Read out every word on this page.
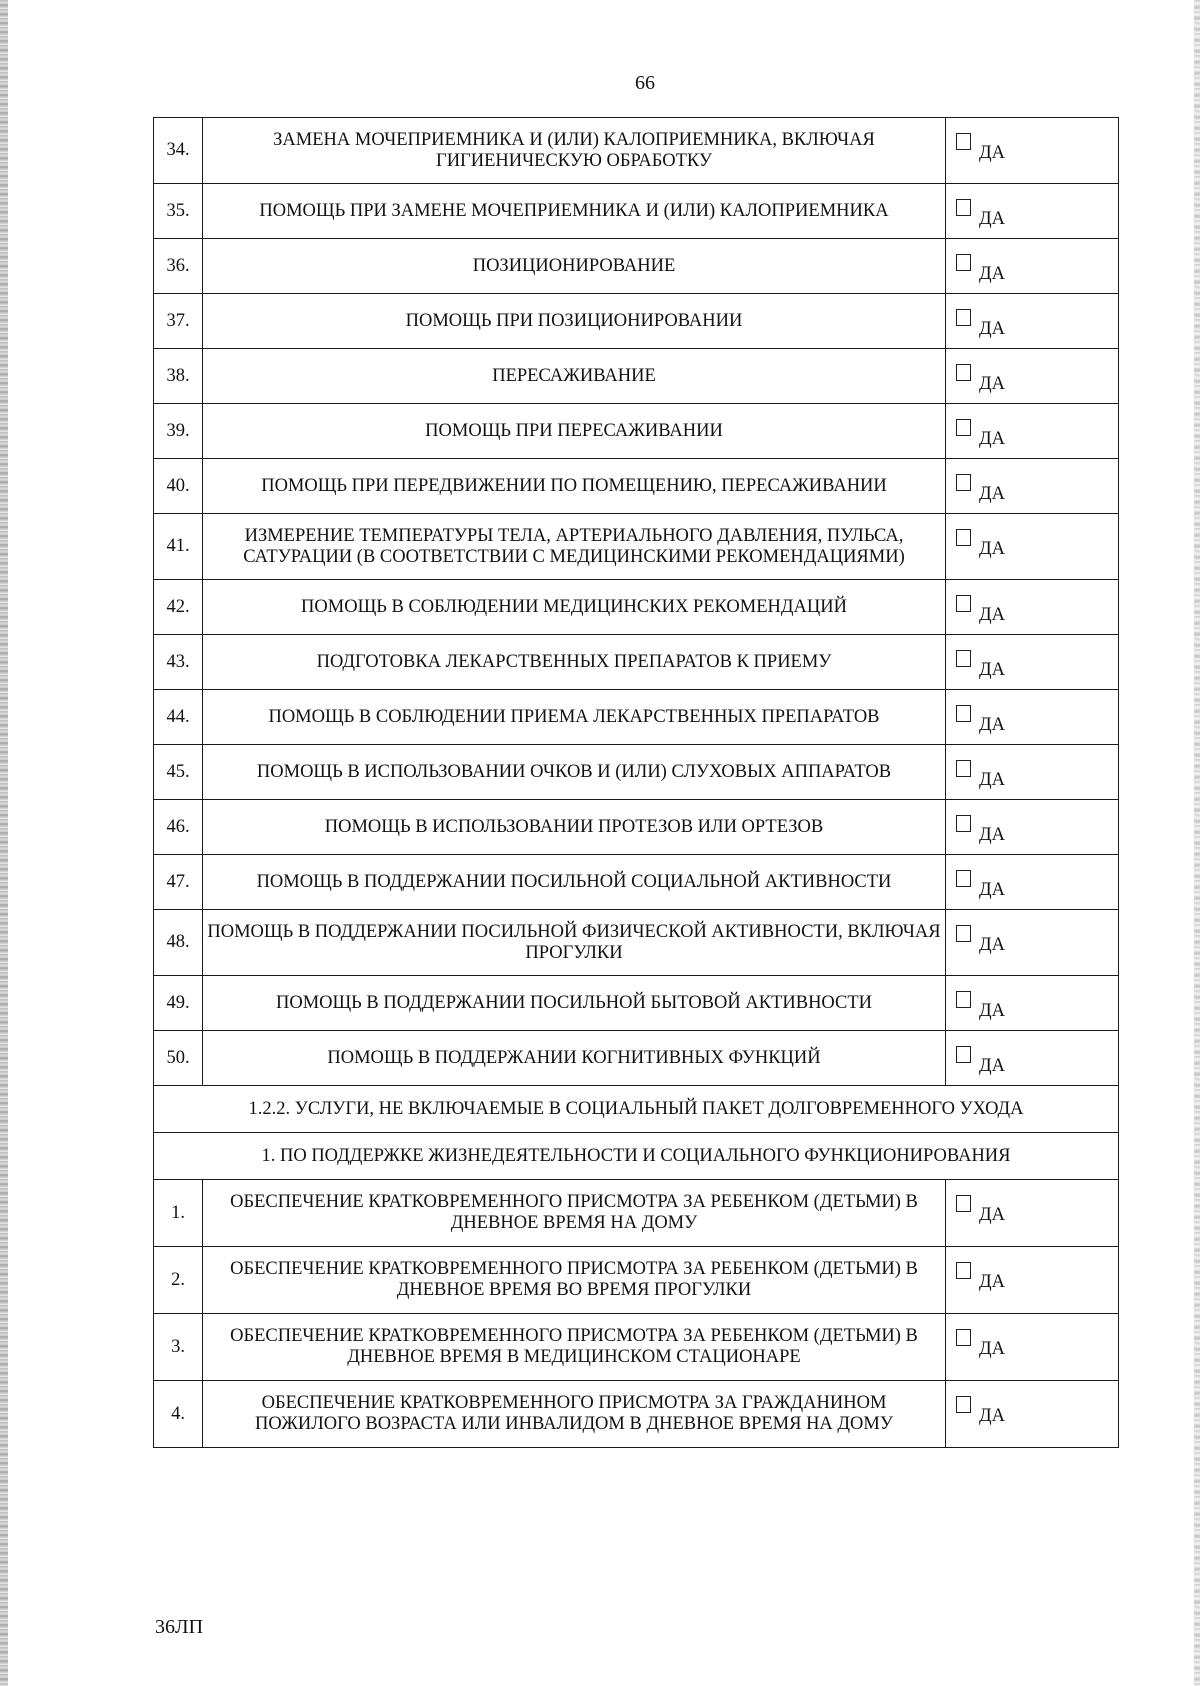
66
34.	ЗАМЕНА МОЧЕПРИЕМНИКА И (ИЛИ) КАЛОПРИЕМНИКА, ВКЛЮЧАЯ ГИГИЕНИЧЕСКУЮ ОБРАБОТКУ	ДА

35.	ПОМОЩЬ ПРИ ЗАМЕНЕ МОЧЕПРИЕМНИКА И (ИЛИ) КАЛОПРИЕМНИКА	ДА

36.	ПОЗИЦИОНИРОВАНИЕ	ДА

37.	ПОМОЩЬ ПРИ ПОЗИЦИОНИРОВАНИИ	ДА

38.	ПЕРЕСАЖИВАНИЕ	ДА

39.	ПОМОЩЬ ПРИ ПЕРЕСАЖИВАНИИ	ДА

40.	ПОМОЩЬ ПРИ ПЕРЕДВИЖЕНИИ ПО ПОМЕЩЕНИЮ, ПЕРЕСАЖИВАНИИ	ДА

41.	ИЗМЕРЕНИЕ ТЕМПЕРАТУРЫ ТЕЛА, АРТЕРИАЛЬНОГО ДАВЛЕНИЯ, ПУЛЬСА, САТУРАЦИИ (В СООТВЕТСТВИИ С МЕДИЦИНСКИМИ РЕКОМЕНДАЦИЯМИ)	ДА

42.	ПОМОЩЬ В СОБЛЮДЕНИИ МЕДИЦИНСКИХ РЕКОМЕНДАЦИЙ	ДА

43.	ПОДГОТОВКА ЛЕКАРСТВЕННЫХ ПРЕПАРАТОВ К ПРИЕМУ	ДА

44.	ПОМОЩЬ В СОБЛЮДЕНИИ ПРИЕМА ЛЕКАРСТВЕННЫХ ПРЕПАРАТОВ	ДА

45.	ПОМОЩЬ В ИСПОЛЬЗОВАНИИ ОЧКОВ И (ИЛИ) СЛУХОВЫХ АППАРАТОВ	ДА

46.	ПОМОЩЬ В ИСПОЛЬЗОВАНИИ ПРОТЕЗОВ ИЛИ ОРТЕЗОВ	ДА

47.	ПОМОЩЬ В ПОДДЕРЖАНИИ ПОСИЛЬНОЙ СОЦИАЛЬНОЙ АКТИВНОСТИ	ДА

48.	ПОМОЩЬ В ПОДДЕРЖАНИИ ПОСИЛЬНОЙ ФИЗИЧЕСКОЙ АКТИВНОСТИ, ВКЛЮЧАЯ ПРОГУЛКИ	ДА

49.	ПОМОЩЬ В ПОДДЕРЖАНИИ ПОСИЛЬНОЙ БЫТОВОЙ АКТИВНОСТИ	ДА

50.	ПОМОЩЬ В ПОДДЕРЖАНИИ КОГНИТИВНЫХ ФУНКЦИЙ	ДА

1.2.2. УСЛУГИ, НЕ ВКЛЮЧАЕМЫЕ В СОЦИАЛЬНЫЙ ПАКЕТ ДОЛГОВРЕМЕННОГО УХОДА		
1. ПО ПОДДЕРЖКЕ ЖИЗНЕДЕЯТЕЛЬНОСТИ И СОЦИАЛЬНОГО ФУНКЦИОНИРОВАНИЯ		
1.	ОБЕСПЕЧЕНИЕ КРАТКОВРЕМЕННОГО ПРИСМОТРА ЗА РЕБЕНКОМ (ДЕТЬМИ) В ДНЕВНОЕ ВРЕМЯ НА ДОМУ	ДА

2.	ОБЕСПЕЧЕНИЕ КРАТКОВРЕМЕННОГО ПРИСМОТРА ЗА РЕБЕНКОМ (ДЕТЬМИ) В ДНЕВНОЕ ВРЕМЯ ВО ВРЕМЯ ПРОГУЛКИ	ДА

3.	ОБЕСПЕЧЕНИЕ КРАТКОВРЕМЕННОГО ПРИСМОТРА ЗА РЕБЕНКОМ (ДЕТЬМИ) В ДНЕВНОЕ ВРЕМЯ В МЕДИЦИНСКОМ СТАЦИОНАРЕ	ДА

4.	ОБЕСПЕЧЕНИЕ КРАТКОВРЕМЕННОГО ПРИСМОТРА ЗА ГРАЖДАНИНОМ ПОЖИЛОГО ВОЗРАСТА ИЛИ ИНВАЛИДОМ В ДНЕВНОЕ ВРЕМЯ НА ДОМУ	ДА
36ЛП
